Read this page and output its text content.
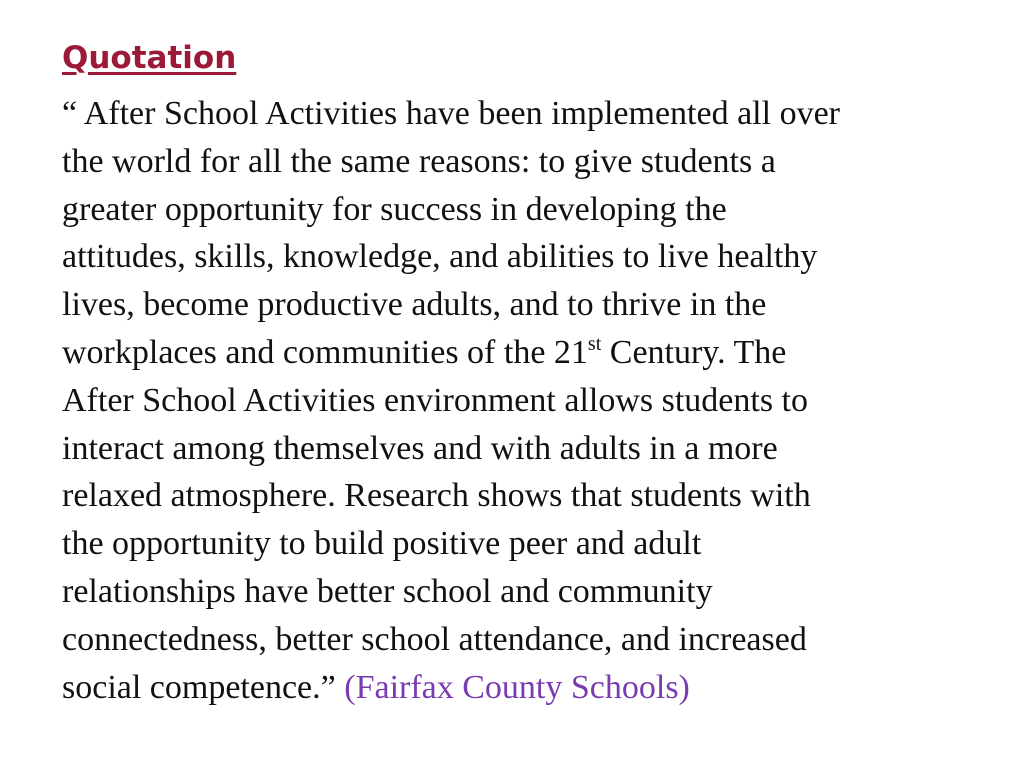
Quotation
“ After School Activities have been implemented all over
the world for all the same reasons: to give students a
greater opportunity for success in developing the
attitudes, skills, knowledge, and abilities to live healthy
lives, become productive adults, and to thrive in the
workplaces and communities of the 21st Century. The
After School Activities environment allows students to
interact among themselves and with adults in a more
relaxed atmosphere. Research shows that students with
the opportunity to build positive peer and adult
relationships have better school and community
connectedness, better school attendance, and increased
social competence.” (Fairfax County Schools)
